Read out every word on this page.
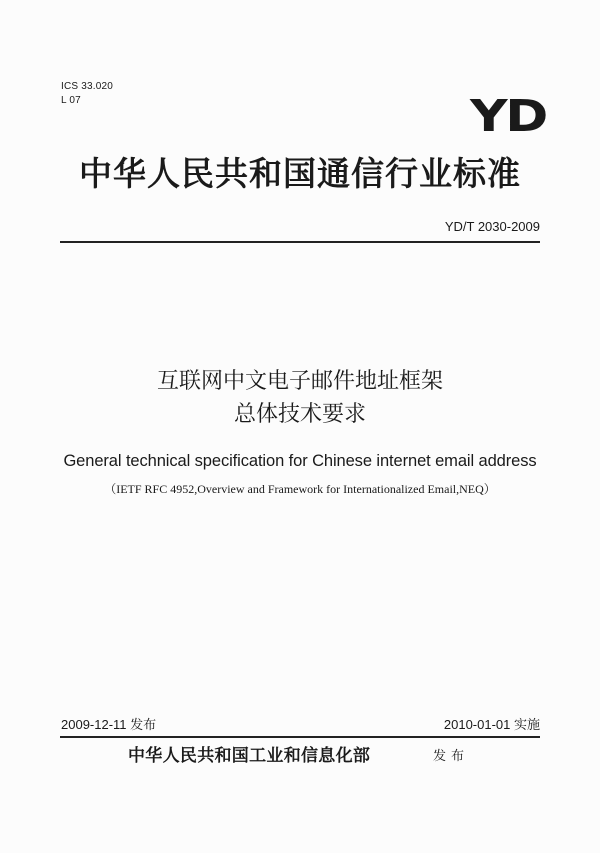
ICS 33.020
L 07	YD
中华人民共和国通信行业标准
YD/T 2030-2009
互联网中文电子邮件地址框架
总体技术要求
General technical specification for Chinese internet email address
（IETF RFC 4952,Overview and Framework for Internationalized Email,NEQ）
2009-12-11 发布	2010-01-01 实施
中华人民共和国工业和信息化部	发布
